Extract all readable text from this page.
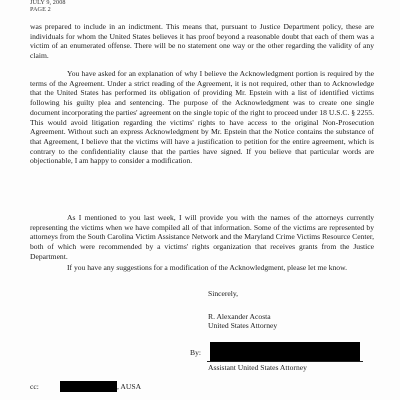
JULY 9, 2008
PAGE 2

was prepared to include in an indictment. This means that, pursuant to Justice Department policy, these are individuals for whom the United States believes it has proof beyond a reasonable doubt that each of them was a victim of an enumerated offense. There will be no statement one way or the other regarding the validity of any claim.

You have asked for an explanation of why I believe the Acknowledgment portion is required by the terms of the Agreement. Under a strict reading of the Agreement, it is not required, other than to Acknowledge that the United States has performed its obligation of providing Mr. Epstein with a list of identified victims following his guilty plea and sentencing. The purpose of the Acknowledgment was to create one single document incorporating the parties' agreement on the single topic of the right to proceed under 18 U.S.C. § 2255. This would avoid litigation regarding the victims' rights to have access to the original Non-Prosecution Agreement. Without such an express Acknowledgment by Mr. Epstein that the Notice contains the substance of that Agreement, I believe that the victims will have a justification to petition for the entire agreement, which is contrary to the confidentiality clause that the parties have signed. If you believe that particular words are objectionable, I am happy to consider a modification.

As I mentioned to you last week, I will provide you with the names of the attorneys currently representing the victims when we have compiled all of that information. Some of the victims are represented by attorneys from the South Carolina Victim Assistance Network and the Maryland Crime Victims Resource Center, both of which were recommended by a victims' rights organization that receives grants from the Justice Department.

If you have any suggestions for a modification of the Acknowledgment, please let me know.

Sincerely,
R. Alexander Acosta
United States Attorney
By:
Assistant United States Attorney
cc:	, AUSA
